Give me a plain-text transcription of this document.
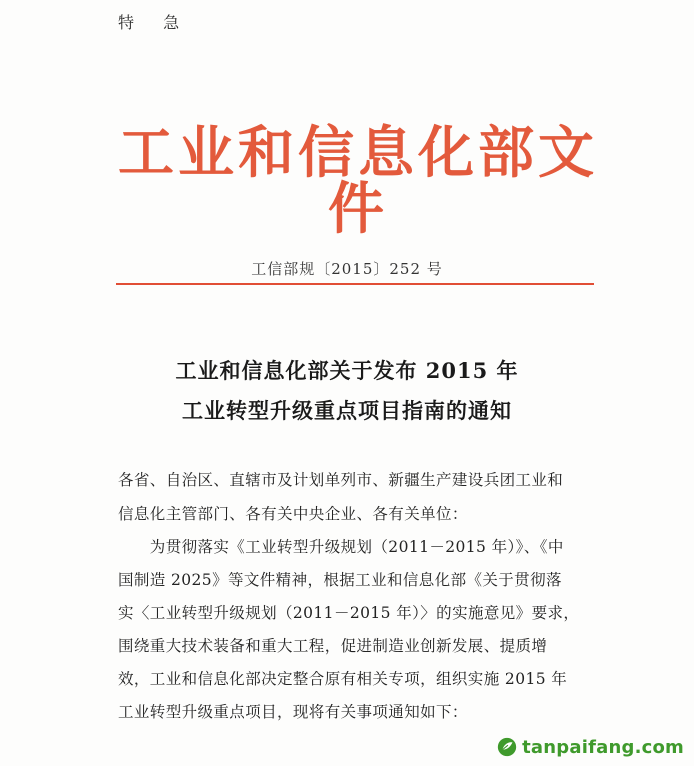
特 急
工业和信息化部文件
工信部规〔2015〕252 号
工业和信息化部关于发布 2015 年
工业转型升级重点项目指南的通知
各省、自治区、直辖市及计划单列市、新疆生产建设兵团工业和
信息化主管部门、各有关中央企业、各有关单位：
　　为贯彻落实《工业转型升级规划（2011－2015 年）》、《中
国制造 2025》等文件精神，根据工业和信息化部《关于贯彻落
实〈工业转型升级规划（2011－2015 年）〉的实施意见》要求，
围绕重大技术装备和重大工程，促进制造业创新发展、提质增
效，工业和信息化部决定整合原有相关专项，组织实施 2015 年
工业转型升级重点项目，现将有关事项通知如下：
tanpaifang.com
